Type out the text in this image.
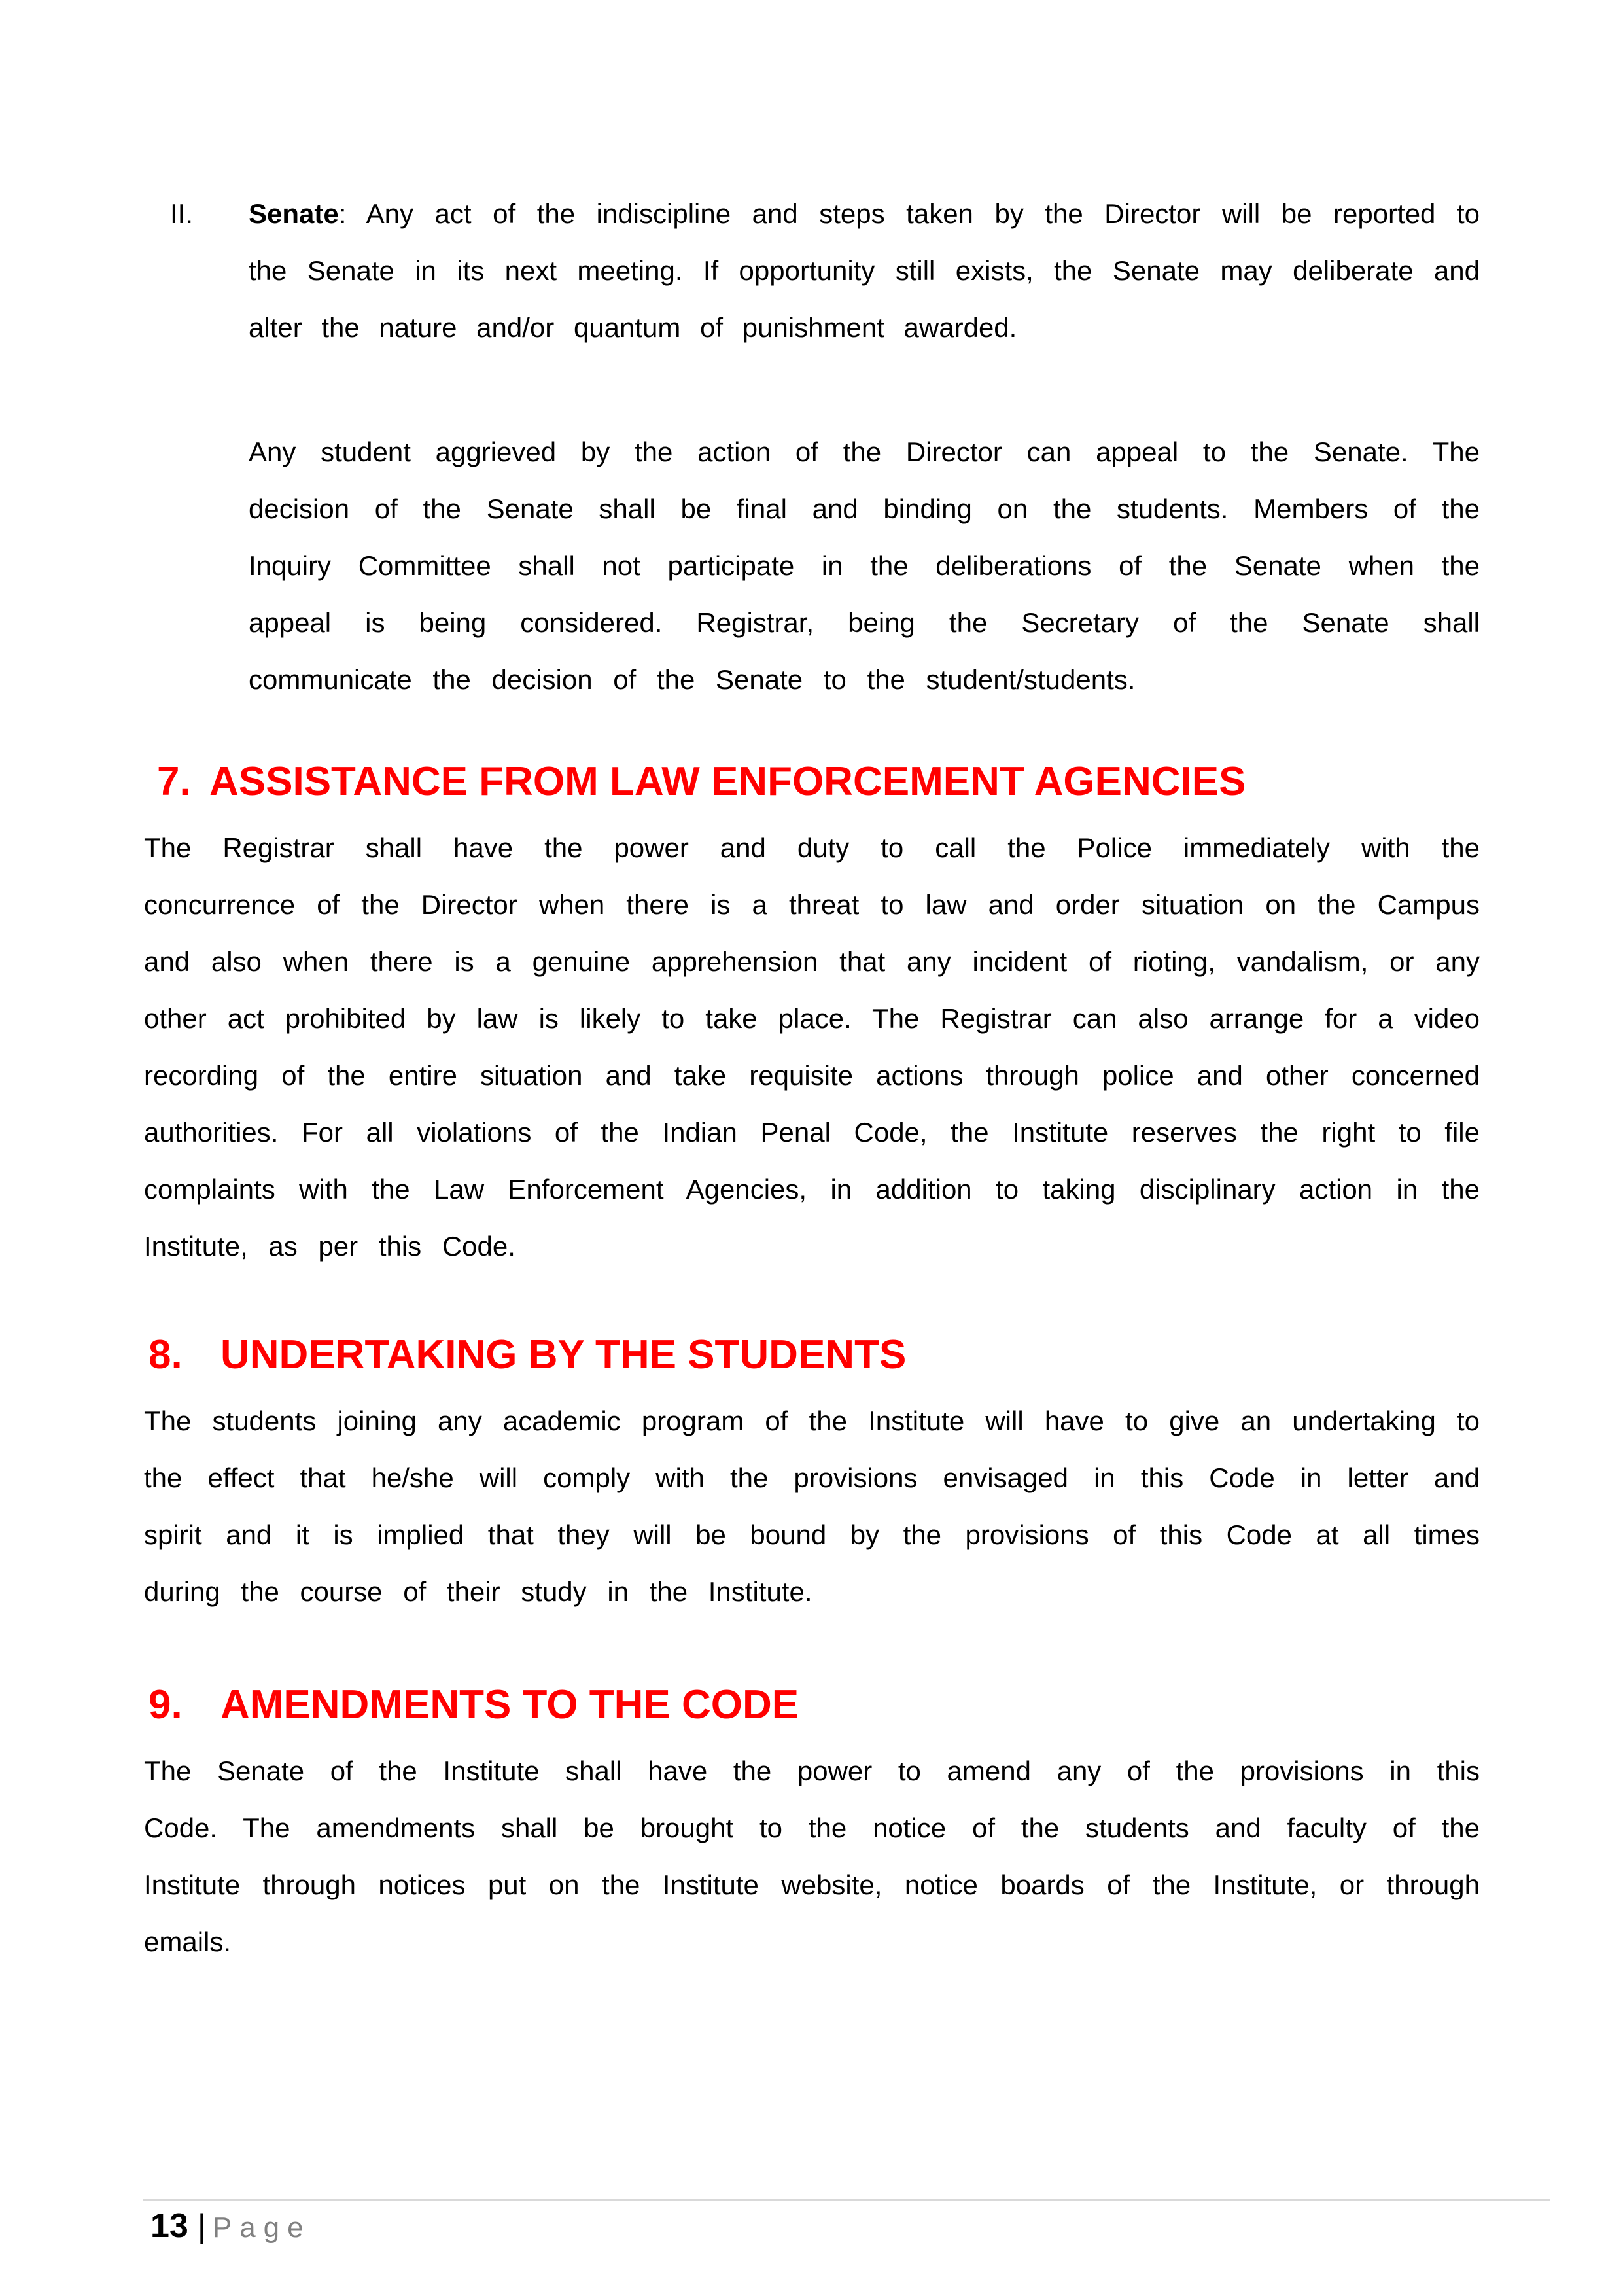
II. Senate: Any act of the indiscipline and steps taken by the Director will be reported to the Senate in its next meeting. If opportunity still exists, the Senate may deliberate and alter the nature and/or quantum of punishment awarded.
Any student aggrieved by the action of the Director can appeal to the Senate. The decision of the Senate shall be final and binding on the students. Members of the Inquiry Committee shall not participate in the deliberations of the Senate when the appeal is being considered. Registrar, being the Secretary of the Senate shall communicate the decision of the Senate to the student/students.
7. ASSISTANCE FROM LAW ENFORCEMENT AGENCIES
The Registrar shall have the power and duty to call the Police immediately with the concurrence of the Director when there is a threat to law and order situation on the Campus and also when there is a genuine apprehension that any incident of rioting, vandalism, or any other act prohibited by law is likely to take place. The Registrar can also arrange for a video recording of the entire situation and take requisite actions through police and other concerned authorities. For all violations of the Indian Penal Code, the Institute reserves the right to file complaints with the Law Enforcement Agencies, in addition to taking disciplinary action in the Institute, as per this Code.
8. UNDERTAKING BY THE STUDENTS
The students joining any academic program of the Institute will have to give an undertaking to the effect that he/she will comply with the provisions envisaged in this Code in letter and spirit and it is implied that they will be bound by the provisions of this Code at all times during the course of their study in the Institute.
9. AMENDMENTS TO THE CODE
The Senate of the Institute shall have the power to amend any of the provisions in this Code. The amendments shall be brought to the notice of the students and faculty of the Institute through notices put on the Institute website, notice boards of the Institute, or through emails.
13 | Page
